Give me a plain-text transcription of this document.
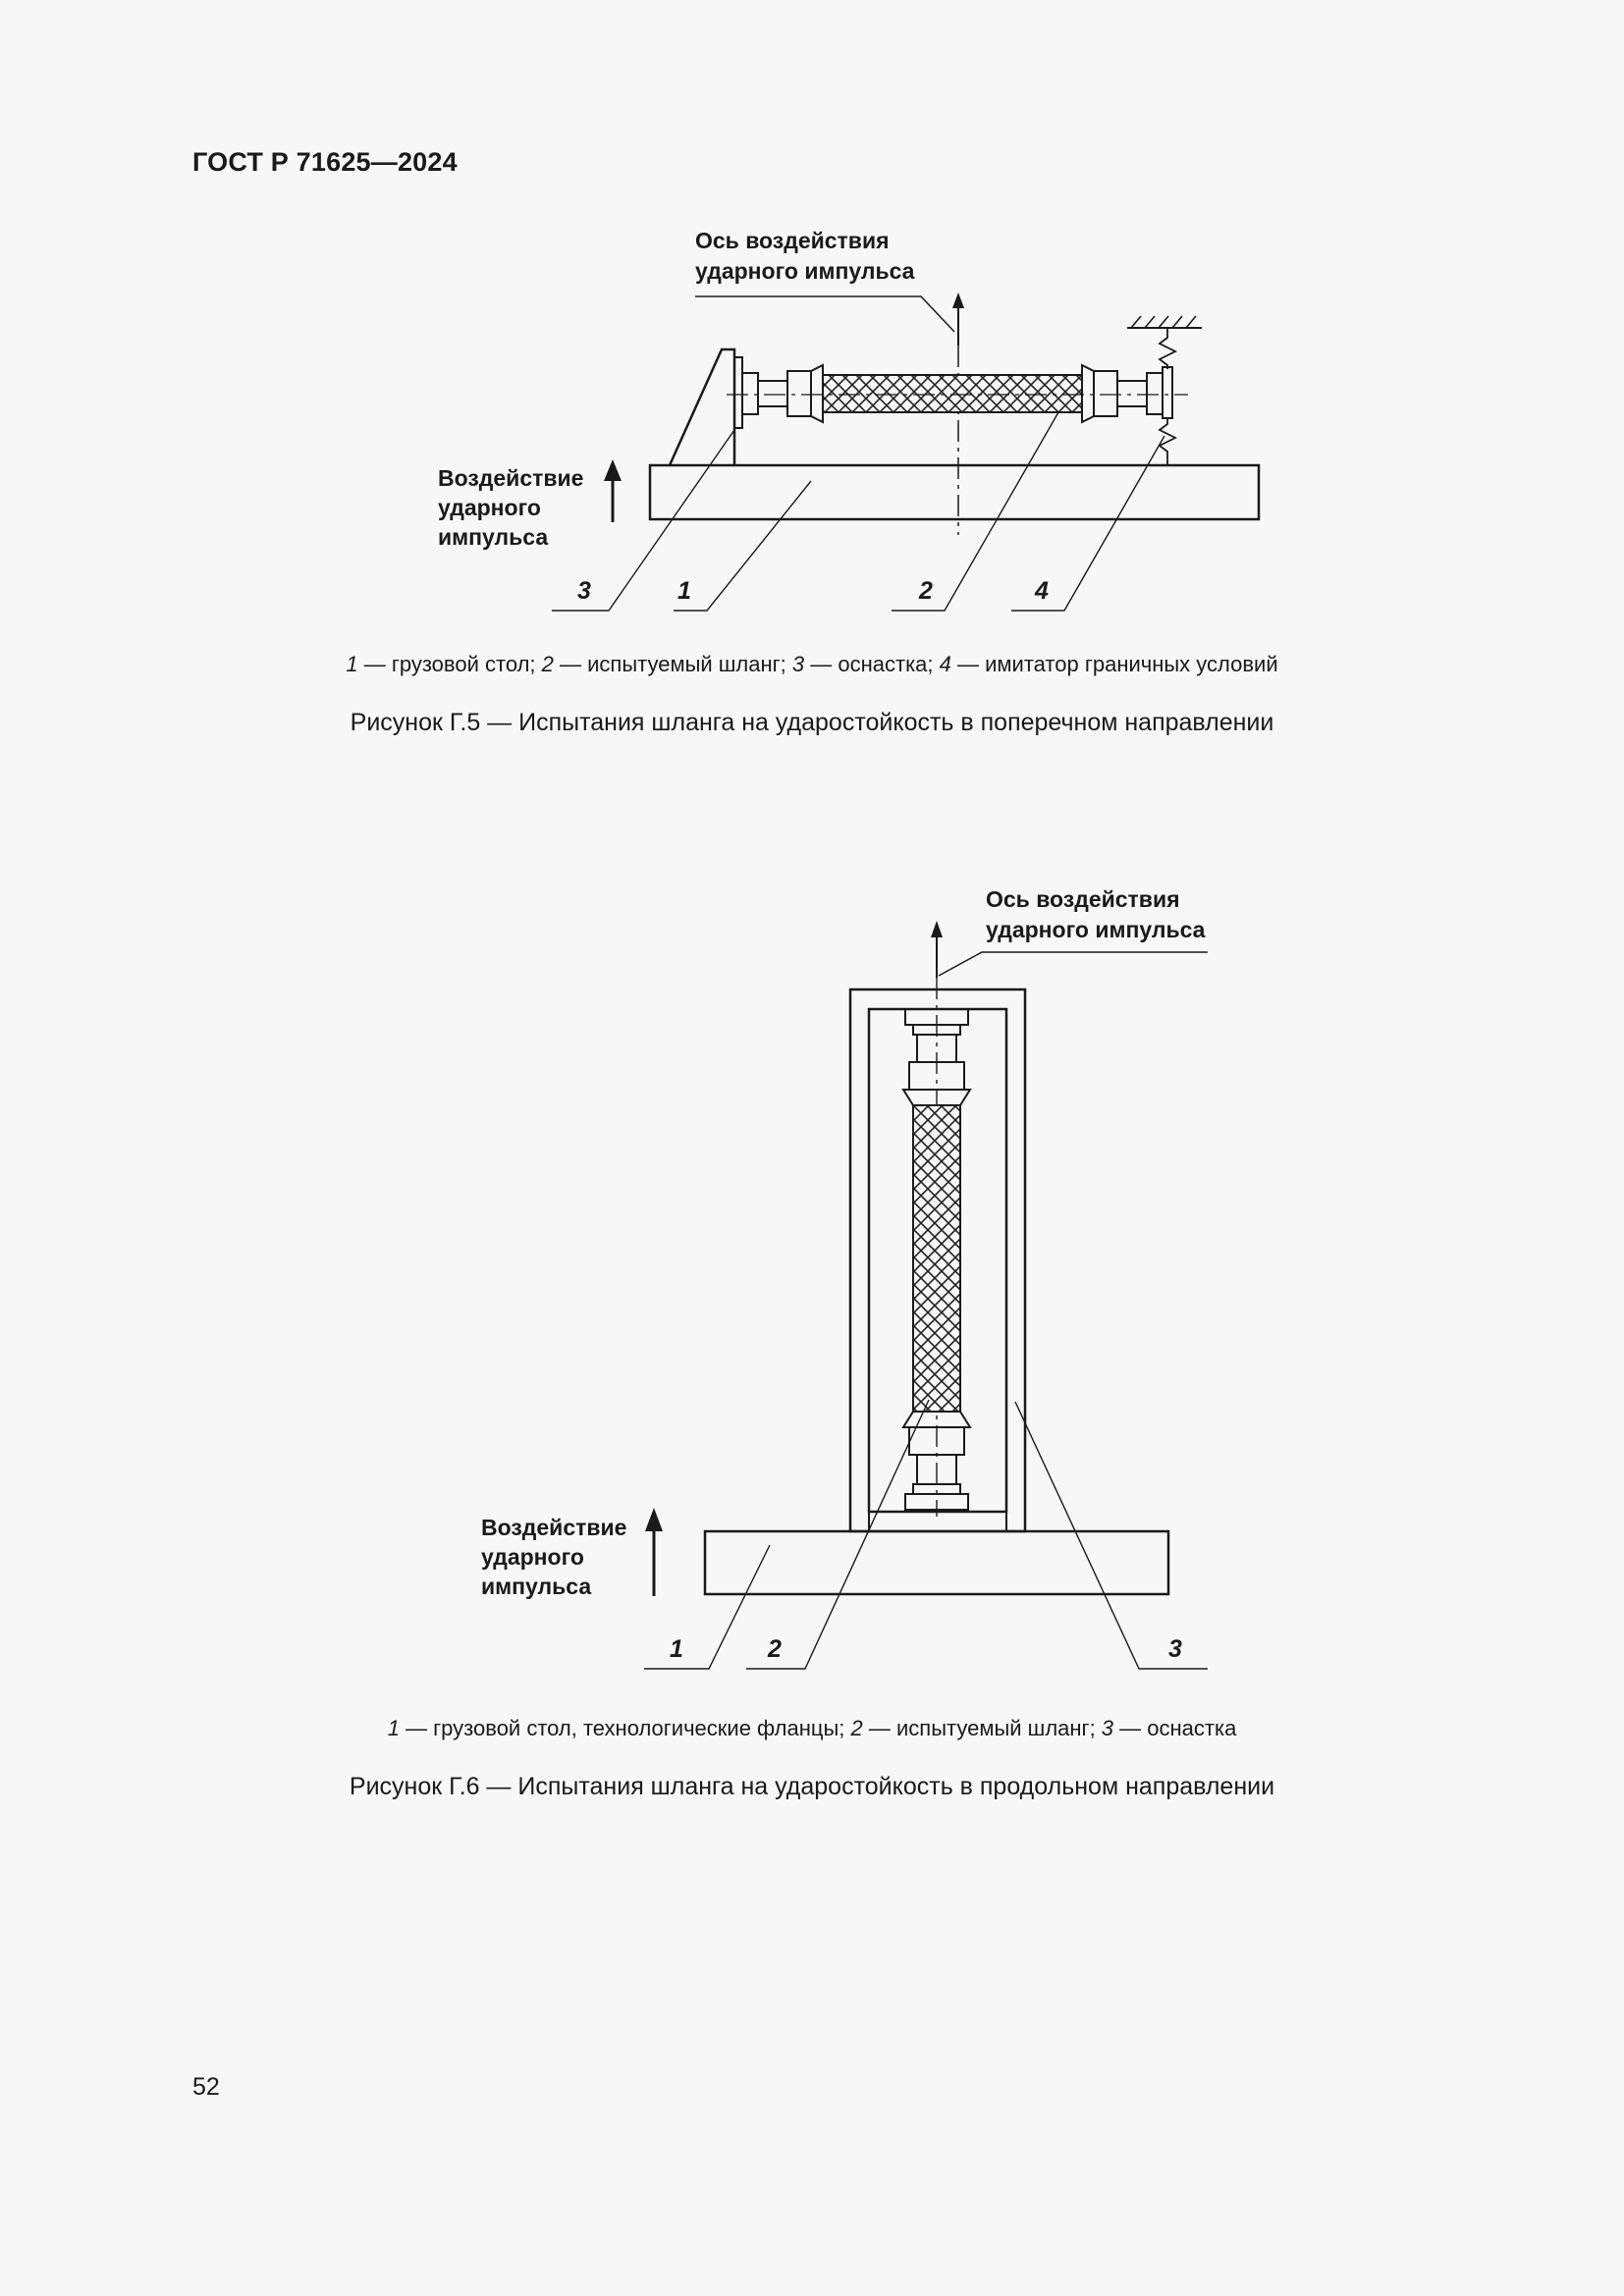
ГОСТ Р 71625—2024
Ось воздействия
ударного импульса
Воздействие
ударного
импульса
3	1	2	4
1 — грузовой стол; 2 — испытуемый шланг; 3 — оснастка; 4 — имитатор граничных условий
Рисунок Г.5 — Испытания шланга на ударостойкость в поперечном направлении
Ось воздействия
ударного импульса
Воздействие
ударного
импульса
1	2	3
1 — грузовой стол, технологические фланцы; 2 — испытуемый шланг; 3 — оснастка
Рисунок Г.6 — Испытания шланга на ударостойкость в продольном направлении
52
